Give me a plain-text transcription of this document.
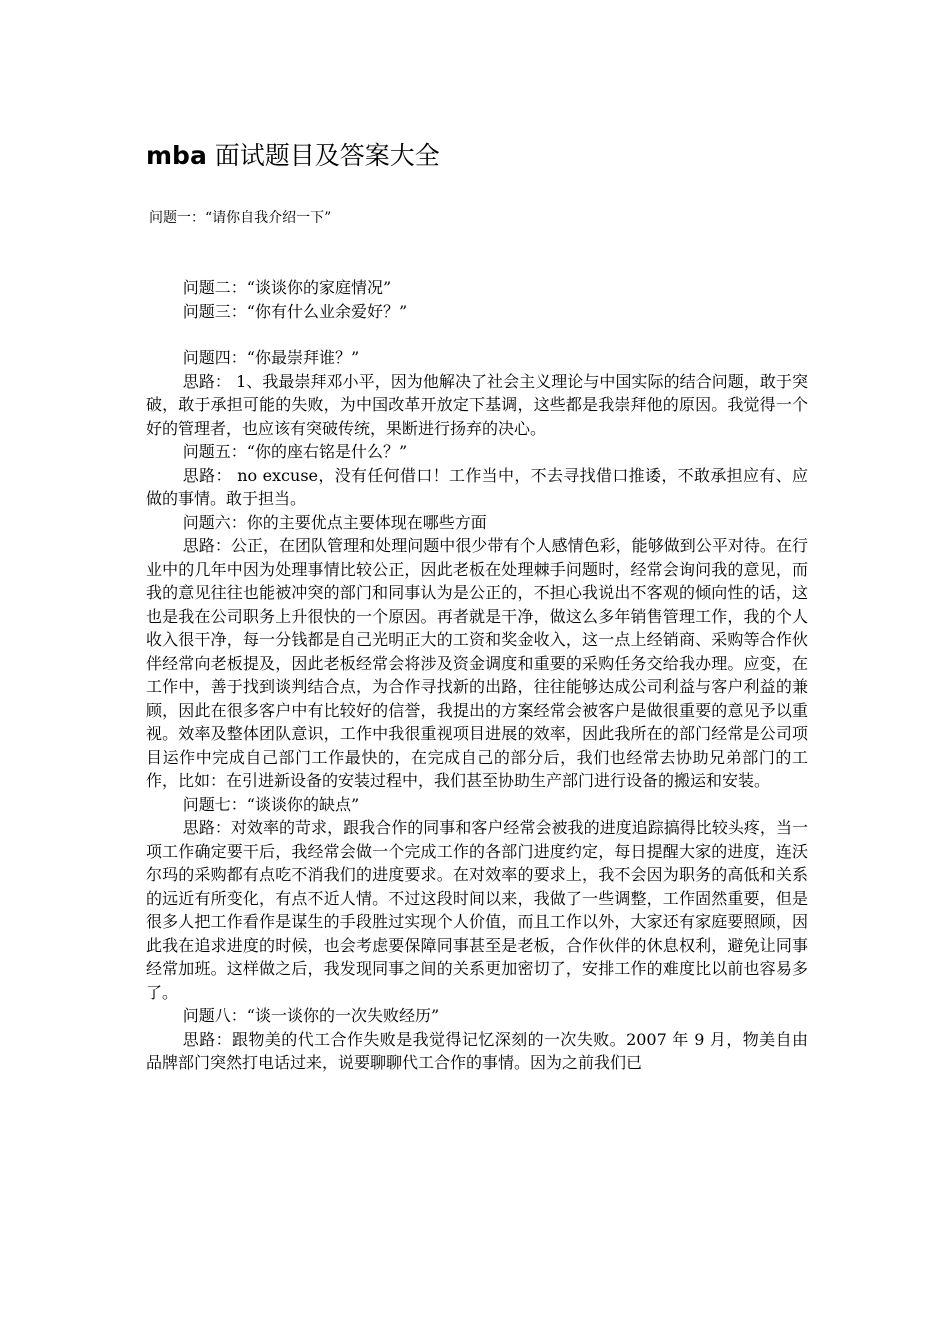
mba 面试题目及答案大全
问题一：“请你自我介绍一下”

问题二：“谈谈你的家庭情况”

问题三：“你有什么业余爱好？”

问题四：“你最崇拜谁？”

思路： 1、我最崇拜邓小平，因为他解决了社会主义理论与中国实际的结合问题，敢于突破，敢于承担可能的失败，为中国改革开放定下基调，这些都是我崇拜他的原因。我觉得一个好的管理者，也应该有突破传统，果断进行扬弃的决心。

问题五：“你的座右铭是什么？”

思路： no excuse，没有任何借口！工作当中，不去寻找借口推诿，不敢承担应有、应做的事情。敢于担当。

问题六：你的主要优点主要体现在哪些方面

思路：公正，在团队管理和处理问题中很少带有个人感情色彩，能够做到公平对待。在行业中的几年中因为处理事情比较公正，因此老板在处理棘手问题时，经常会询问我的意见，而我的意见往往也能被冲突的部门和同事认为是公正的，不担心我说出不客观的倾向性的话，这也是我在公司职务上升很快的一个原因。再者就是干净，做这么多年销售管理工作，我的个人收入很干净，每一分钱都是自己光明正大的工资和奖金收入，这一点上经销商、采购等合作伙伴经常向老板提及，因此老板经常会将涉及资金调度和重要的采购任务交给我办理。应变，在工作中，善于找到谈判结合点，为合作寻找新的出路，往往能够达成公司利益与客户利益的兼顾，因此在很多客户中有比较好的信誉，我提出的方案经常会被客户是做很重要的意见予以重视。效率及整体团队意识，工作中我很重视项目进展的效率，因此我所在的部门经常是公司项目运作中完成自己部门工作最快的，在完成自己的部分后，我们也经常去协助兄弟部门的工作，比如：在引进新设备的安装过程中，我们甚至协助生产部门进行设备的搬运和安装。

问题七：“谈谈你的缺点”

思路：对效率的苛求，跟我合作的同事和客户经常会被我的进度追踪搞得比较头疼，当一项工作确定要干后，我经常会做一个完成工作的各部门进度约定，每日提醒大家的进度，连沃尔玛的采购都有点吃不消我们的进度要求。在对效率的要求上，我不会因为职务的高低和关系的远近有所变化，有点不近人情。不过这段时间以来，我做了一些调整，工作固然重要，但是很多人把工作看作是谋生的手段胜过实现个人价值，而且工作以外，大家还有家庭要照顾，因此我在追求进度的时候，也会考虑要保障同事甚至是老板，合作伙伴的休息权利，避免让同事经常加班。这样做之后，我发现同事之间的关系更加密切了，安排工作的难度比以前也容易多了。

问题八：“谈一谈你的一次失败经历”

思路：跟物美的代工合作失败是我觉得记忆深刻的一次失败。2007 年 9 月，物美自由品牌部门突然打电话过来，说要聊聊代工合作的事情。因为之前我们已
